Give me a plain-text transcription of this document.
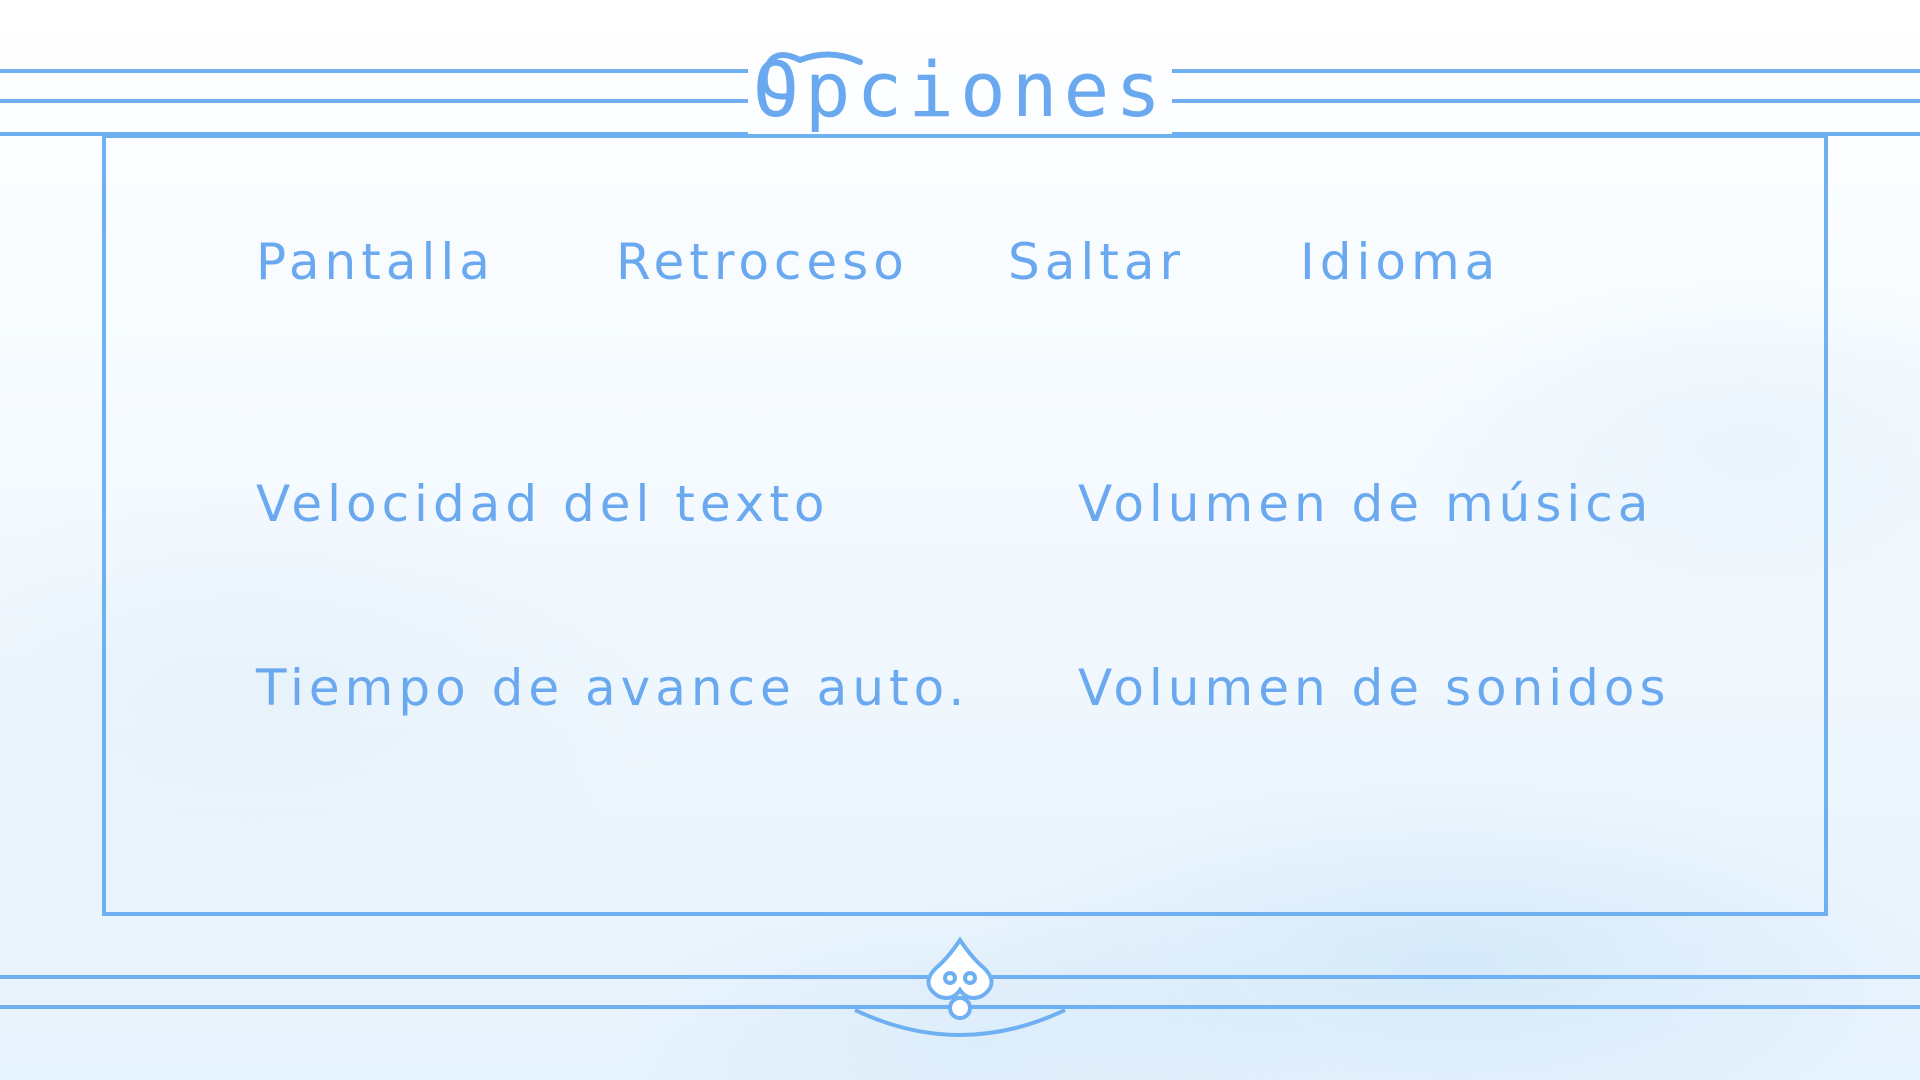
Opciones
Pantalla Retroceso Saltar Idioma
Velocidad del texto	Volumen de música
Tiempo de avance auto. Volumen de sonidos
